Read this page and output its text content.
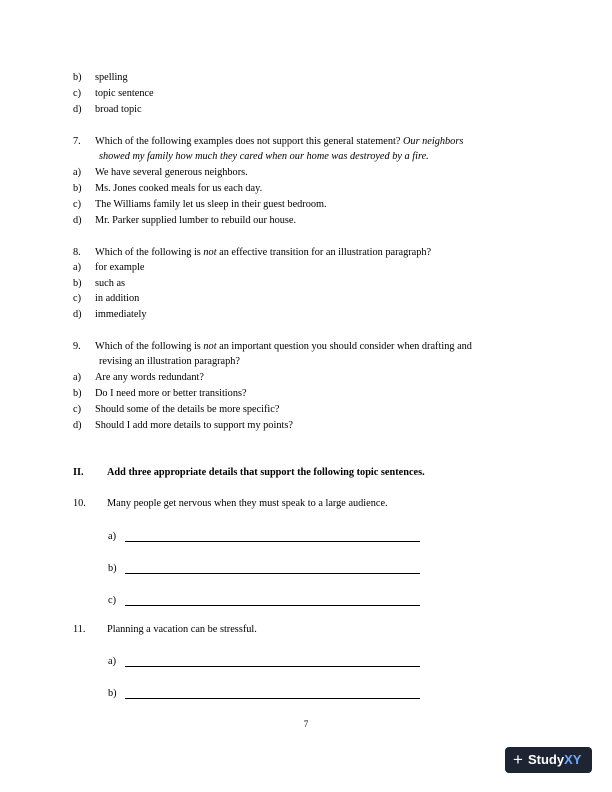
b) spelling
c) topic sentence
d) broad topic
7. Which of the following examples does not support this general statement? Our neighbors
showed my family how much they cared when our home was destroyed by a fire.
a) We have several generous neighbors.
b) Ms. Jones cooked meals for us each day.
c) The Williams family let us sleep in their guest bedroom.
d) Mr. Parker supplied lumber to rebuild our house.
8. Which of the following is not an effective transition for an illustration paragraph?
a) for example
b) such as
c) in addition
d) immediately
9. Which of the following is not an important question you should consider when drafting and
revising an illustration paragraph?
a) Are any words redundant?
b) Do I need more or better transitions?
c) Should some of the details be more specific?
d) Should I add more details to support my points?
II. Add three appropriate details that support the following topic sentences.
10. Many people get nervous when they must speak to a large audience.
a)
b)
c)
11. Planning a vacation can be stressful.
a)
b)
7
+ Study XY
